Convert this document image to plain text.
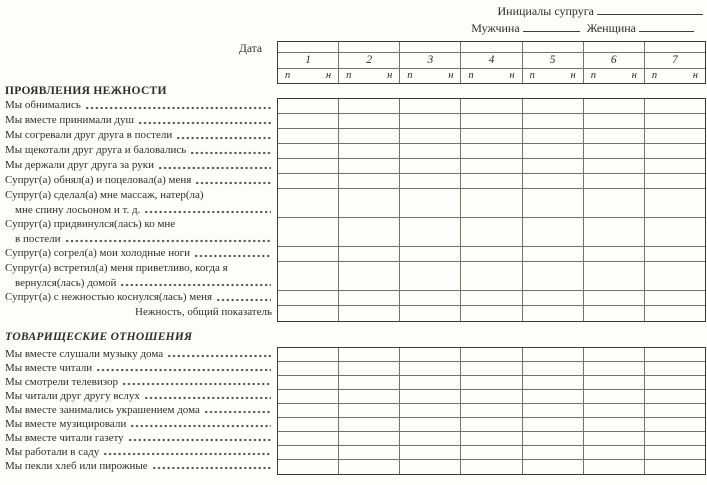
Инициалы супруга
Мужчина	Женщина
Дата
1	2	3	4	5	6	7
п	н п	н п	н п	н п	н п	н п	н
ПРОЯВЛЕНИЯ НЕЖНОСТИ
Мы обнимались
Мы вместе принимали душ
Мы согревали друг друга в постели
Мы щекотали друг друга и баловались
Мы держали друг друга за руки
Супруг(а) обнял(а) и поцеловал(а) меня
Супруг(а) сделал(а) мне массаж, натер(ла)
мне спину лосьоном и т. д.
Супруг(а) придвинулся(лась) ко мне
в постели
Супруг(а) согрел(а) мои холодные ноги
Супруг(а) встретил(а) меня приветливо, когда я
вернулся(лась) домой
Супруг(а) с нежностью коснулся(лась) меня
Нежность, общий показатель
ТОВАРИЩЕСКИЕ ОТНОШЕНИЯ
Мы вместе слушали музыку дома
Мы вместе читали
Мы смотрели телевизор
Мы читали друг другу вслух
Мы вместе занимались украшением дома
Мы вместе музицировали
Мы вместе читали газету
Мы работали в саду
Мы пекли хлеб или пирожные
